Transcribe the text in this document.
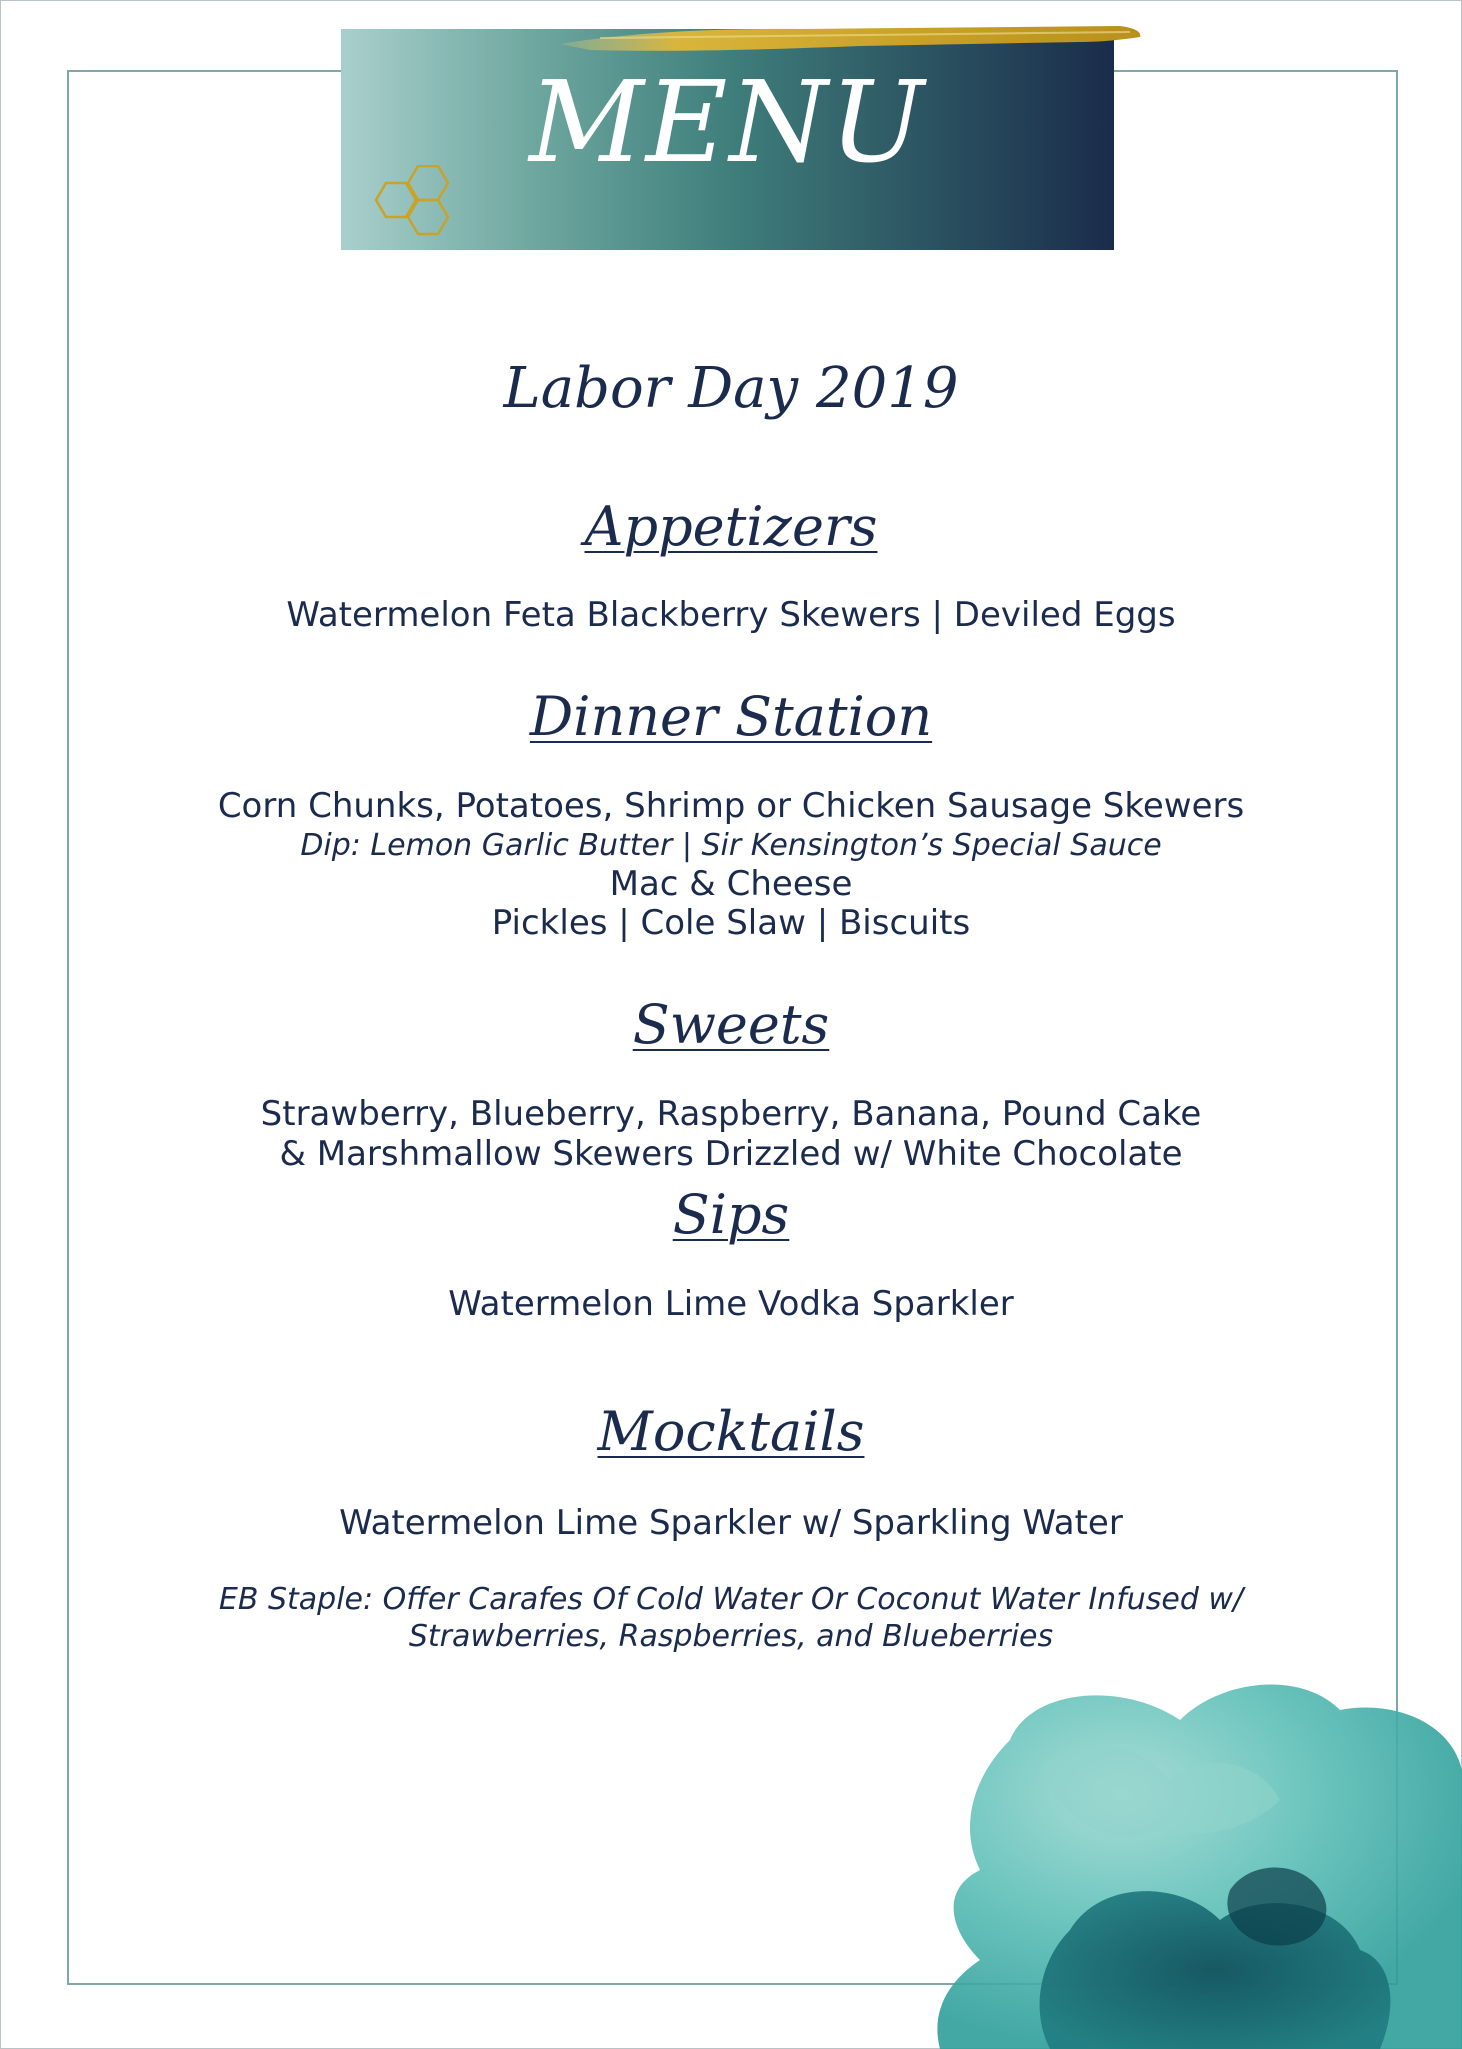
MENU
Labor Day 2019
Appetizers
Watermelon Feta Blackberry Skewers | Deviled Eggs
Dinner Station
Corn Chunks, Potatoes, Shrimp or Chicken Sausage Skewers
Dip: Lemon Garlic Butter | Sir Kensington’s Special Sauce
Mac & Cheese
Pickles | Cole Slaw | Biscuits
Sweets
Strawberry, Blueberry, Raspberry, Banana, Pound Cake
& Marshmallow Skewers Drizzled w/ White Chocolate
Sips
Watermelon Lime Vodka Sparkler
Mocktails
Watermelon Lime Sparkler w/ Sparkling Water
EB Staple: Offer Carafes Of Cold Water Or Coconut Water Infused w/
Strawberries, Raspberries, and Blueberries
